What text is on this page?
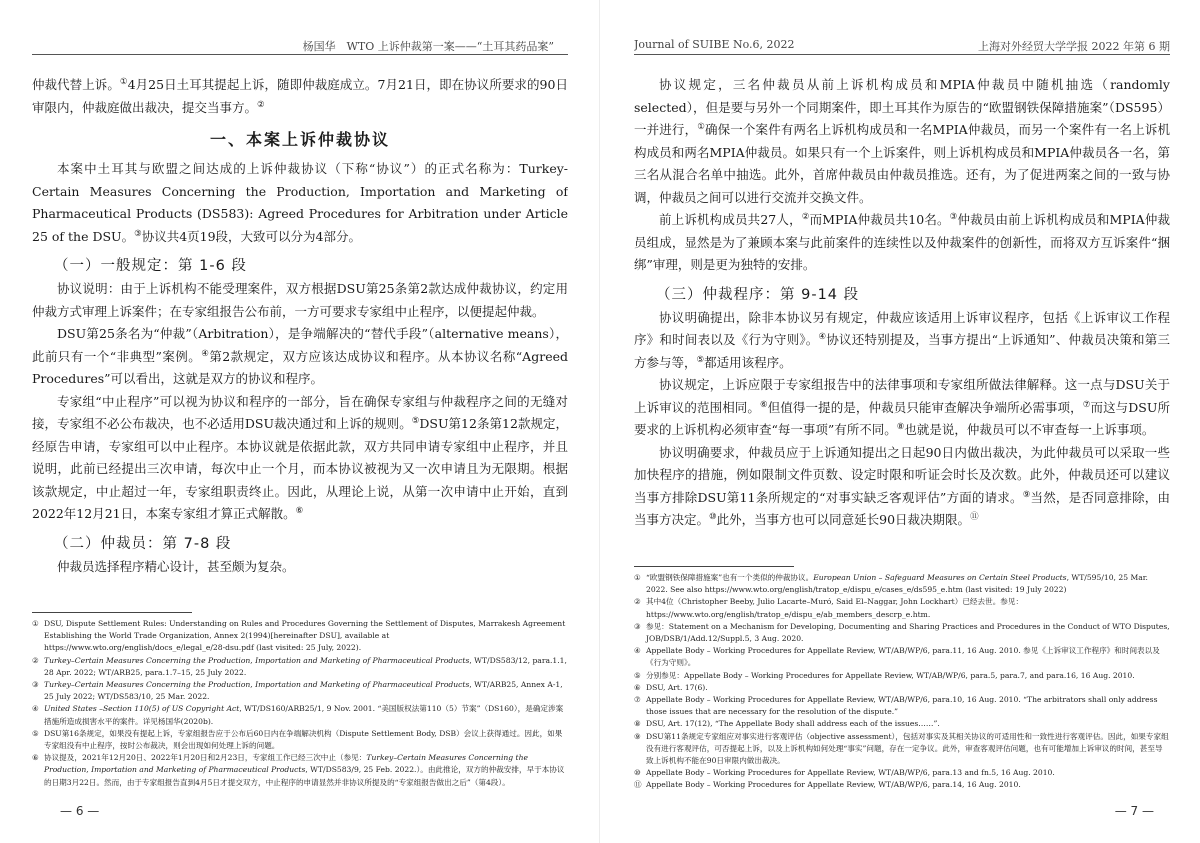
杨国华　WTO 上诉仲裁第一案——“土耳其药品案”

仲裁代替上诉。①4月25日土耳其提起上诉，随即仲裁庭成立。7月21日，即在协议所要求的90日审限内，仲裁庭做出裁决，提交当事方。②

一、本案上诉仲裁协议

本案中土耳其与欧盟之间达成的上诉仲裁协议（下称“协议”）的正式名称为：Turkey-Certain Measures Concerning the Production, Importation and Marketing of Pharmaceutical Products (DS583): Agreed Procedures for Arbitration under Article 25 of the DSU。③协议共4页19段，大致可以分为4部分。

（一）一般规定：第 1-6 段

协议说明：由于上诉机构不能受理案件，双方根据DSU第25条第2款达成仲裁协议，约定用仲裁方式审理上诉案件；在专家组报告公布前，一方可要求专家组中止程序，以便提起仲裁。

DSU第25条名为“仲裁”（Arbitration），是争端解决的“替代手段”（alternative means），此前只有一个“非典型”案例。④第2款规定，双方应该达成协议和程序。从本协议名称“Agreed Procedures”可以看出，这就是双方的协议和程序。

专家组“中止程序”可以视为协议和程序的一部分，旨在确保专家组与仲裁程序之间的无缝对接，专家组不必公布裁决，也不必适用DSU裁决通过和上诉的规则。⑤DSU第12条第12款规定，经原告申请，专家组可以中止程序。本协议就是依据此款，双方共同申请专家组中止程序，并且说明，此前已经提出三次申请，每次中止一个月，而本协议被视为又一次申请且为无限期。根据该款规定，中止超过一年，专家组职责终止。因此，从理论上说，从第一次申请中止开始，直到2022年12月21日，本案专家组才算正式解散。⑥

（二）仲裁员：第 7-8 段

仲裁员选择程序精心设计，甚至颇为复杂。

① DSU, Dispute Settlement Rules: Understanding on Rules and Procedures Governing the Settlement of Disputes, Marrakesh Agreement Establishing the World Trade Organization, Annex 2(1994)[hereinafter DSU], available at https://www.wto.org/english/docs_e/legal_e/28-dsu.pdf (last visited: 25 July, 2022).

② Turkey–Certain Measures Concerning the Production, Importation and Marketing of Pharmaceutical Products, WT/DS583/12, para.1.1, 28 Apr. 2022; WT/ARB25, para.1.7–15, 25 July 2022.

③ Turkey–Certain Measures Concerning the Production, Importation and Marketing of Pharmaceutical Products, WT/ARB25, Annex A-1, 25 July 2022; WT/DS583/10, 25 Mar. 2022.

④ United States –Section 110(5) of US Copyright Act, WT/DS160/ARB25/1, 9 Nov. 2001. “美国版权法第110（5）节案”（DS160），是确定涉案措施所造成损害水平的案件。详见杨国华(2020b).

⑤ DSU第16条规定，如果没有提起上诉，专家组报告应于公布后60日内在争端解决机构（Dispute Settlement Body, DSB）会议上获得通过。因此，如果专家组没有中止程序，按时公布裁决，则会出现如何处理上诉的问题。

⑥ 协议提及，2021年12月20日、2022年1月20日和2月23日，专家组工作已经三次中止（参见：Turkey–Certain Measures Concerning the Production, Importation and Marketing of Pharmaceutical Products, WT/DS583/9, 25 Feb. 2022.）。由此推论，双方的仲裁安排，早于本协议的日期3月22日。然而，由于专家组报告直到4月5日才提交双方，中止程序的申请显然并非协议所提及的“专家组报告做出之后”（第4段）。

— 6 —
Journal of SUIBE No.6, 2022	上海对外经贸大学学报 2022 年第 6 期

协议规定，三名仲裁员从前上诉机构成员和MPIA仲裁员中随机抽选（randomly selected），但是要与另外一个同期案件，即土耳其作为原告的“欧盟钢铁保障措施案”（DS595）一并进行，①确保一个案件有两名上诉机构成员和一名MPIA仲裁员，而另一个案件有一名上诉机构成员和两名MPIA仲裁员。如果只有一个上诉案件，则上诉机构成员和MPIA仲裁员各一名，第三名从混合名单中抽选。此外，首席仲裁员由仲裁员推选。还有，为了促进两案之间的一致与协调，仲裁员之间可以进行交流并交换文件。

前上诉机构成员共27人，②而MPIA仲裁员共10名。③仲裁员由前上诉机构成员和MPIA仲裁员组成，显然是为了兼顾本案与此前案件的连续性以及仲裁案件的创新性，而将双方互诉案件“捆绑”审理，则是更为独特的安排。

（三）仲裁程序：第 9-14 段

协议明确提出，除非本协议另有规定，仲裁应该适用上诉审议程序，包括《上诉审议工作程序》和时间表以及《行为守则》。④协议还特别提及，当事方提出“上诉通知”、仲裁员决策和第三方参与等，⑤都适用该程序。

协议规定，上诉应限于专家组报告中的法律事项和专家组所做法律解释。这一点与DSU关于上诉审议的范围相同。⑥但值得一提的是，仲裁员只能审查解决争端所必需事项，⑦而这与DSU所要求的上诉机构必须审查“每一事项”有所不同。⑧也就是说，仲裁员可以不审查每一上诉事项。

协议明确要求，仲裁员应于上诉通知提出之日起90日内做出裁决，为此仲裁员可以采取一些加快程序的措施，例如限制文件页数、设定时限和听证会时长及次数。此外，仲裁员还可以建议当事方排除DSU第11条所规定的“对事实缺乏客观评估”方面的请求。⑨当然，是否同意排除，由当事方决定。⑩此外，当事方也可以同意延长90日裁决期限。⑪

① “欧盟钢铁保障措施案”也有一个类似的仲裁协议。European Union – Safeguard Measures on Certain Steel Products, WT/595/10, 25 Mar. 2022. See also https://www.wto.org/english/tratop_e/dispu_e/cases_e/ds595_e.htm (last visited: 19 July 2022)

② 其中4位（Christopher Beeby, Julio Lacarte–Muró, Said El–Naggar, John Lockhart）已经去世。参见：https://www.wto.org/english/tratop_e/dispu_e/ab_members_descrp_e.htm.

③ 参见：Statement on a Mechanism for Developing, Documenting and Sharing Practices and Procedures in the Conduct of WTO Disputes, JOB/DSB/1/Add.12/Suppl.5, 3 Aug. 2020.

④ Appellate Body – Working Procedures for Appellate Review, WT/AB/WP/6, para.11, 16 Aug. 2010. 参见《上诉审议工作程序》和时间表以及《行为守则》。

⑤ 分别参见：Appellate Body – Working Procedures for Appellate Review, WT/AB/WP/6, para.5, para.7, and para.16, 16 Aug. 2010.

⑥ DSU, Art. 17(6).

⑦ Appellate Body – Working Procedures for Appellate Review, WT/AB/WP/6, para.10, 16 Aug. 2010. “The arbitrators shall only address those issues that are necessary for the resolution of the dispute.”

⑧ DSU, Art. 17(12), “The Appellate Body shall address each of the issues……”.

⑨ DSU第11条规定专家组应对事实进行客观评估（objective assessment），包括对事实及其相关协议的可适用性和一致性进行客观评估。因此，如果专家组没有进行客观评估，可否提起上诉，以及上诉机构如何处理“事实”问题，存在一定争议。此外，审查客观评估问题，也有可能增加上诉审议的时间，甚至导致上诉机构不能在90日审限内做出裁决。

⑩ Appellate Body – Working Procedures for Appellate Review, WT/AB/WP/6, para.13 and fn.5, 16 Aug. 2010.

⑪ Appellate Body – Working Procedures for Appellate Review, WT/AB/WP/6, para.14, 16 Aug. 2010.

— 7 —
